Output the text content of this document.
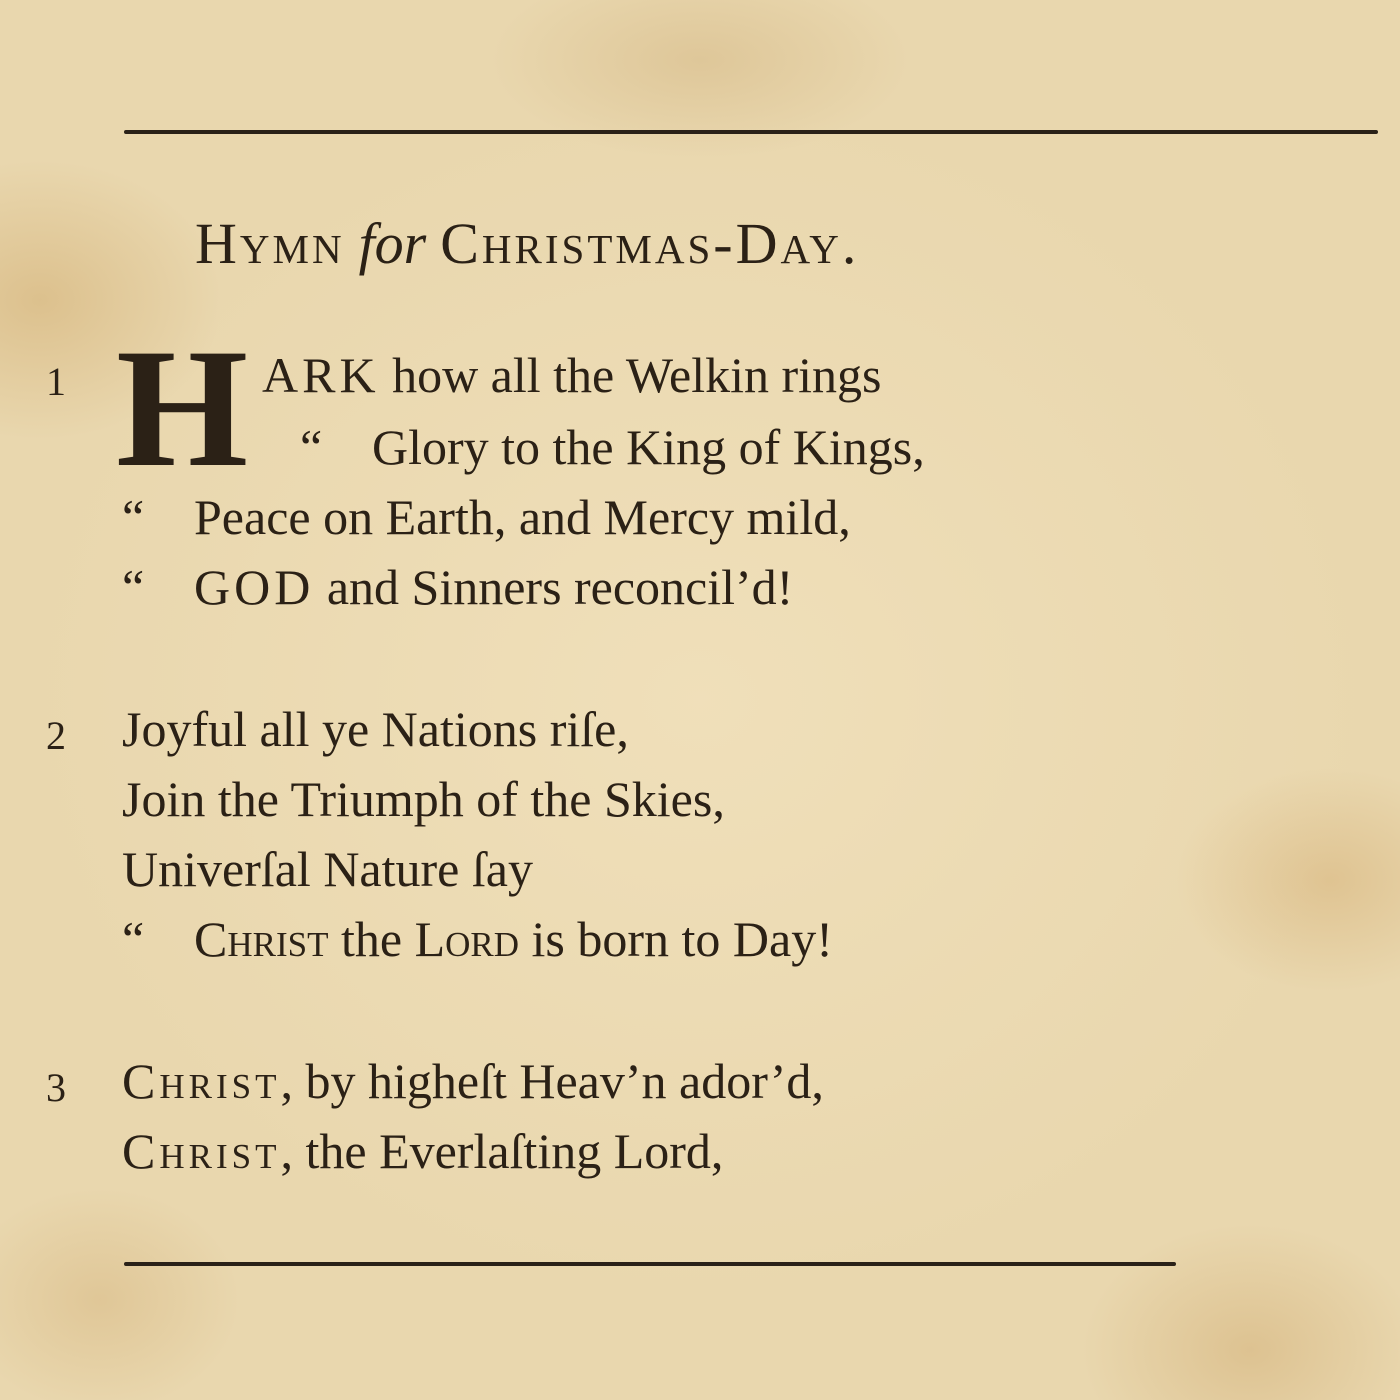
Hymn for Christmas-Day.
1 H ARK how all the Welkin rings
“ Glory to the King of Kings,
“ Peace on Earth, and Mercy mild,
“ GOD and Sinners reconcil’d!
2 Joyful all ye Nations riſe,
Join the Triumph of the Skies,
Univerſal Nature ſay
“ Christ the Lord is born to Day!
3 Christ, by higheſt Heav’n ador’d,
Christ, the Everlaſting Lord,
